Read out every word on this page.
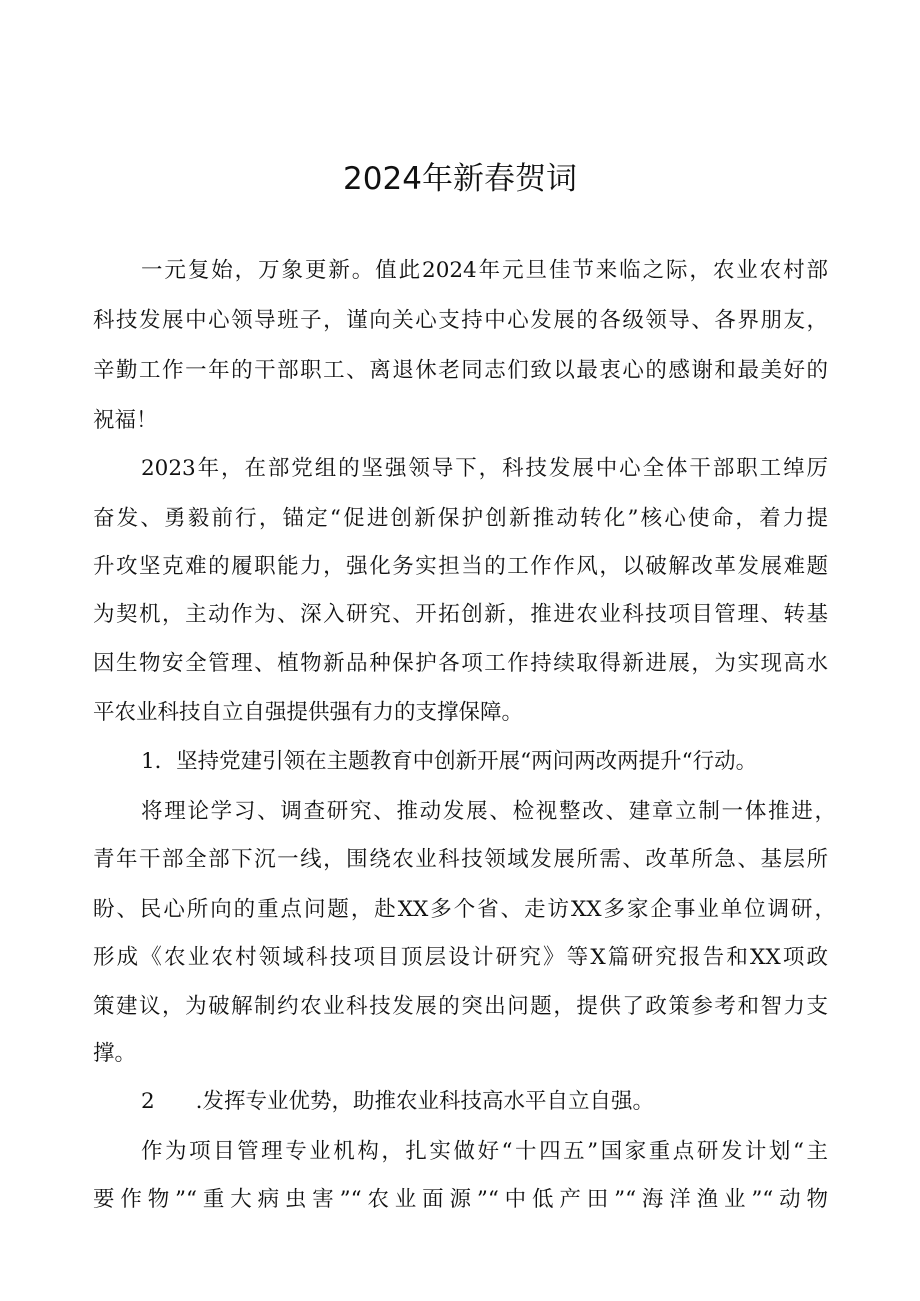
2024年新春贺词
一元复始，万象更新。值此2024年元旦佳节来临之际，农业农村部
科技发展中心领导班子，谨向关心支持中心发展的各级领导、各界朋友，
辛勤工作一年的干部职工、离退休老同志们致以最衷心的感谢和最美好的
祝福！
2023年，在部党组的坚强领导下，科技发展中心全体干部职工绰厉
奋发、勇毅前行，锚定“促进创新保护创新推动转化”核心使命，着力提
升攻坚克难的履职能力，强化务实担当的工作作风，以破解改革发展难题
为契机，主动作为、深入研究、开拓创新，推进农业科技项目管理、转基
因生物安全管理、植物新品种保护各项工作持续取得新进展，为实现高水
平农业科技自立自强提供强有力的支撑保障。
1．坚持党建引领在主题教育中创新开展“两问两改两提升“行动。
将理论学习、调查研究、推动发展、检视整改、建章立制一体推进，
青年干部全部下沉一线，围绕农业科技领域发展所需、改革所急、基层所
盼、民心所向的重点问题，赴XX多个省、走访XX多家企事业单位调研，
形成《农业农村领域科技项目顶层设计研究》等X篇研究报告和XX项政
策建议，为破解制约农业科技发展的突出问题，提供了政策参考和智力支
撑。
2      .发挥专业优势，助推农业科技高水平自立自强。
作为项目管理专业机构，扎实做好“十四五”国家重点研发计划“主
要作物”“重大病虫害”“农业面源”“中低产田”“海洋渔业”“动物
